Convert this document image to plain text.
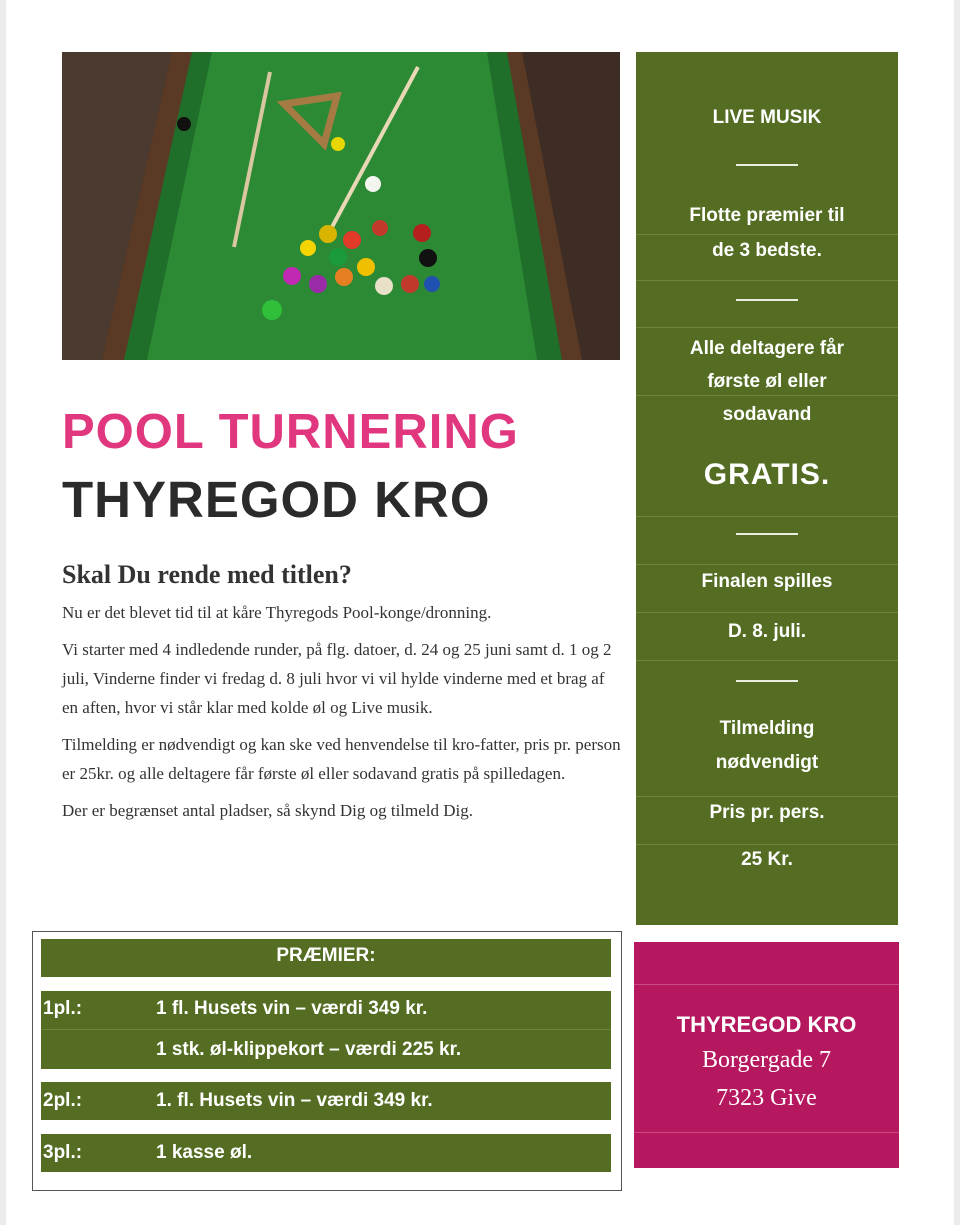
POOL TURNERING
THYREGOD KRO
Skal Du rende med titlen?

Nu er det blevet tid til at kåre Thyregods Pool-konge/dronning.

Vi starter med 4 indledende runder, på flg. datoer, d. 24 og 25 juni samt d. 1 og 2 juli, Vinderne finder vi fredag d. 8 juli hvor vi vil hylde vinderne med et brag af en aften, hvor vi står klar med kolde øl og Live musik.

Tilmelding er nødvendigt og kan ske ved henvendelse til kro-fatter, pris pr. person er 25kr. og alle deltagere får første øl eller sodavand gratis på spilledagen.

Der er begrænset antal pladser, så skynd Dig og tilmeld Dig.

LIVE MUSIK
Flotte præmier til
de 3 bedste.
Alle deltagere får
første øl eller
sodavand
GRATIS.
Finalen spilles
D. 8. juli.
Tilmelding
nødvendigt
Pris pr. pers.
25 Kr.
THYREGOD KRO
Borgergade 7
7323 Give
PRÆMIER:
1pl.:	1 fl. Husets vin – værdi 349 kr.
1 stk. øl-klippekort – værdi 225 kr.
2pl.:	1. fl. Husets vin – værdi 349 kr.
3pl.:	1 kasse øl.
